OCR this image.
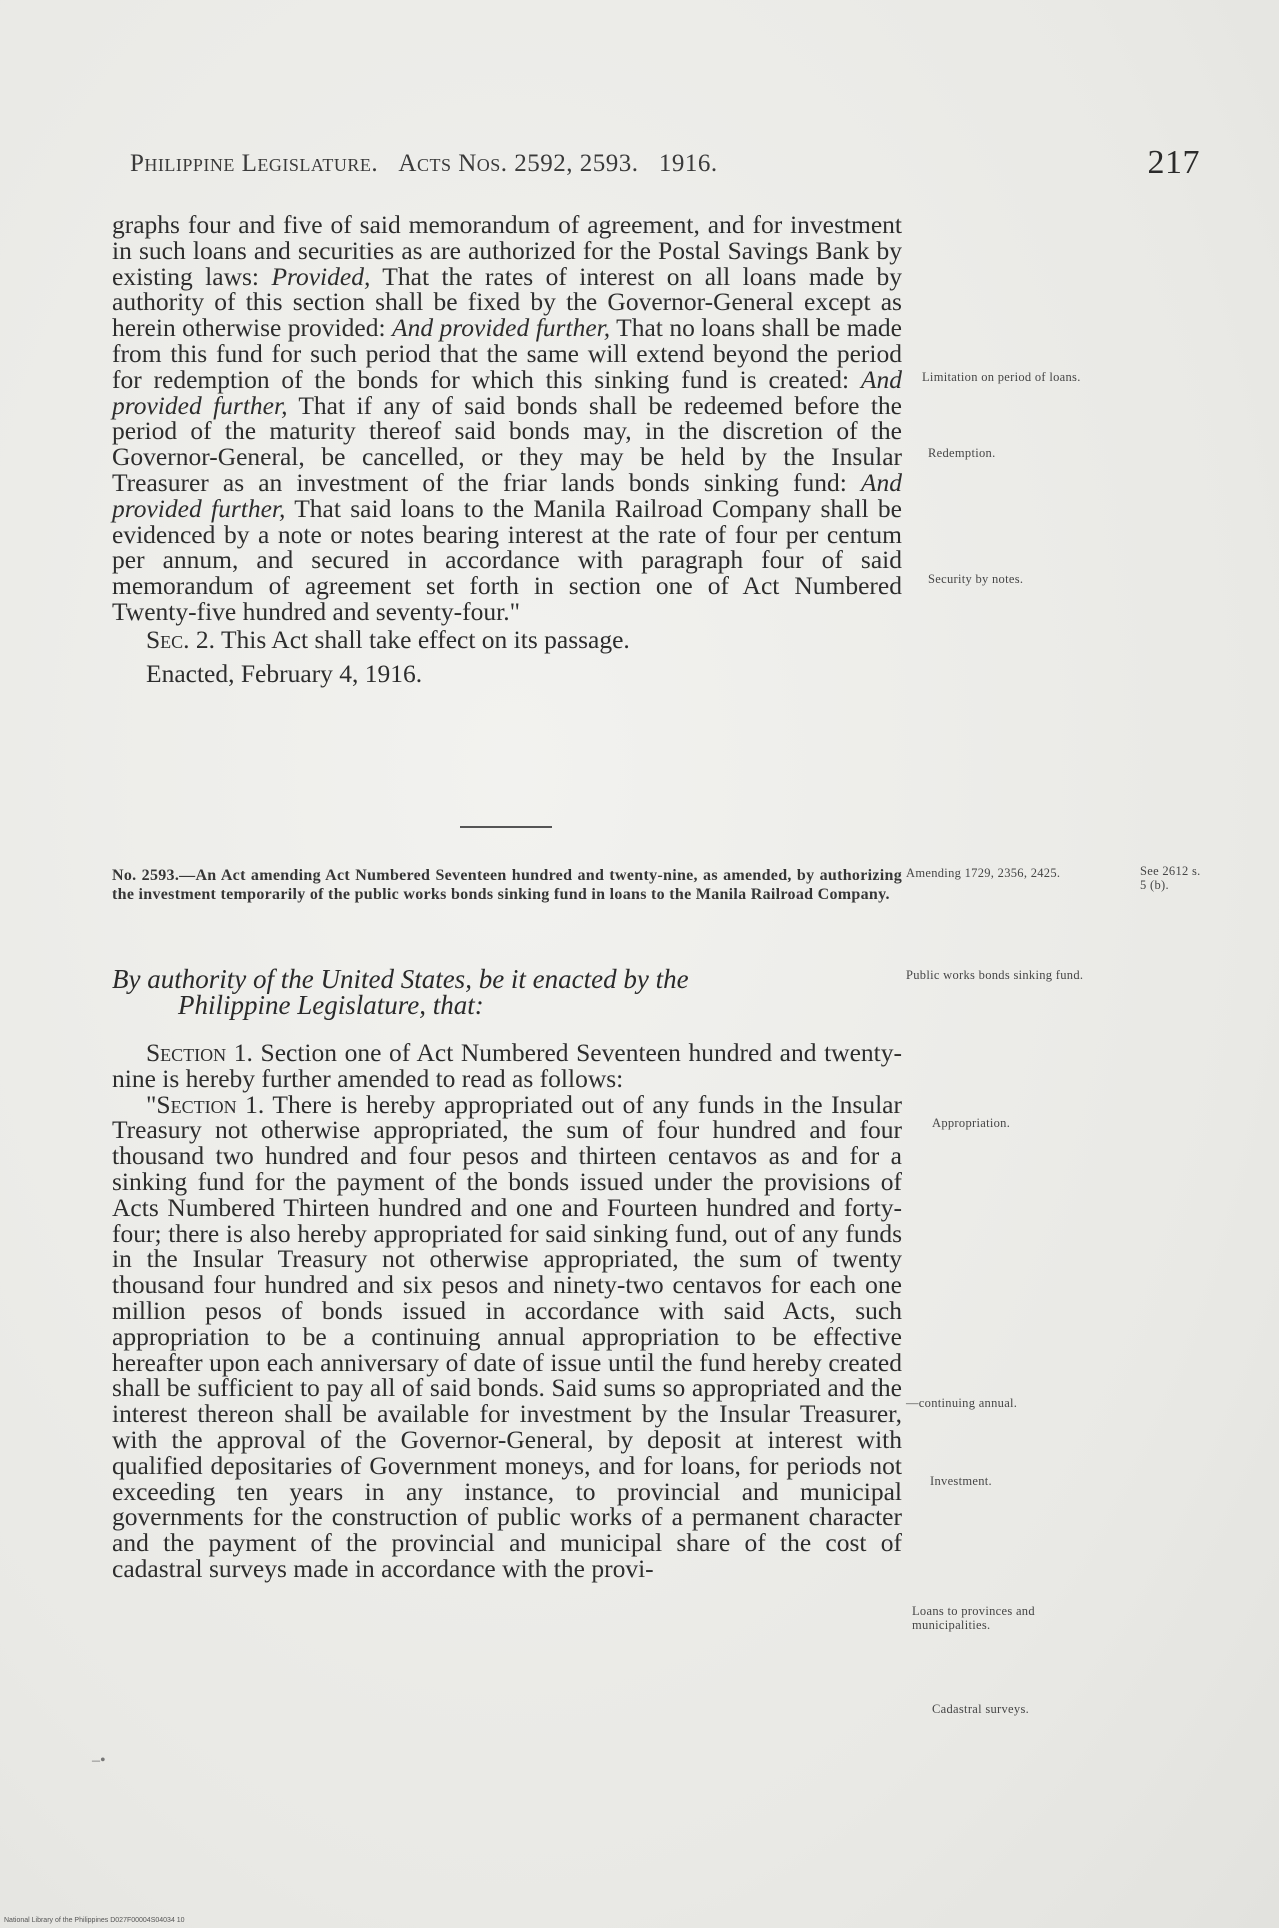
Philippine Legislature. Acts Nos. 2592, 2593. 1916.	217

graphs four and five of said memorandum of agreement, and for investment in such loans and securities as are authorized for the Postal Savings Bank by existing laws: Provided, That the rates of interest on all loans made by authority of this section shall be fixed by the Governor-General except as herein otherwise provided: And provided further, That no loans shall be made from this fund for such period that the same will extend beyond the period for redemption of the bonds for which this sinking fund is created: And provided further, That if any of said bonds shall be redeemed before the period of the maturity thereof said bonds may, in the discretion of the Governor-General, be cancelled, or they may be held by the Insular Treasurer as an investment of the friar lands bonds sinking fund: And provided further, That said loans to the Manila Railroad Company shall be evidenced by a note or notes bearing interest at the rate of four per centum per annum, and secured in accordance with paragraph four of said memorandum of agreement set forth in section one of Act Numbered Twenty-five hundred and seventy-four."

Sec. 2. This Act shall take effect on its passage.

Enacted, February 4, 1916.

No. 2593.—An Act amending Act Numbered Seventeen hundred and twenty-nine, as amended, by authorizing the investment temporarily of the public works bonds sinking fund in loans to the Manila Railroad Company.
By authority of the United States, be it enacted by the
Philippine Legislature, that:

Section 1. Section one of Act Numbered Seventeen hundred and twenty-nine is hereby further amended to read as follows:

"Section 1. There is hereby appropriated out of any funds in the Insular Treasury not otherwise appropriated, the sum of four hundred and four thousand two hundred and four pesos and thirteen centavos as and for a sinking fund for the payment of the bonds issued under the provisions of Acts Numbered Thirteen hundred and one and Fourteen hundred and forty-four; there is also hereby appropriated for said sinking fund, out of any funds in the Insular Treasury not otherwise appropriated, the sum of twenty thousand four hundred and six pesos and ninety-two centavos for each one million pesos of bonds issued in accordance with said Acts, such appropriation to be a continuing annual appropriation to be effective hereafter upon each anniversary of date of issue until the fund hereby created shall be sufficient to pay all of said bonds. Said sums so appropriated and the interest thereon shall be available for investment by the Insular Treasurer, with the approval of the Governor-General, by deposit at interest with qualified depositaries of Government moneys, and for loans, for periods not exceeding ten years in any instance, to provincial and municipal governments for the construction of public works of a permanent character and the payment of the provincial and municipal share of the cost of cadastral surveys made in accordance with the provi-

Limitation on period of loans.
Redemption.
Security by notes.
Amending 1729, 2356, 2425.	See 2612 s. 5 (b).
Public works bonds sinking fund.
Appropriation.
—continuing annual.
Investment.
Loans to provinces and municipalities.
Cadastral surveys.
–•
National Library of the Philippines D027F00004S04034 10
